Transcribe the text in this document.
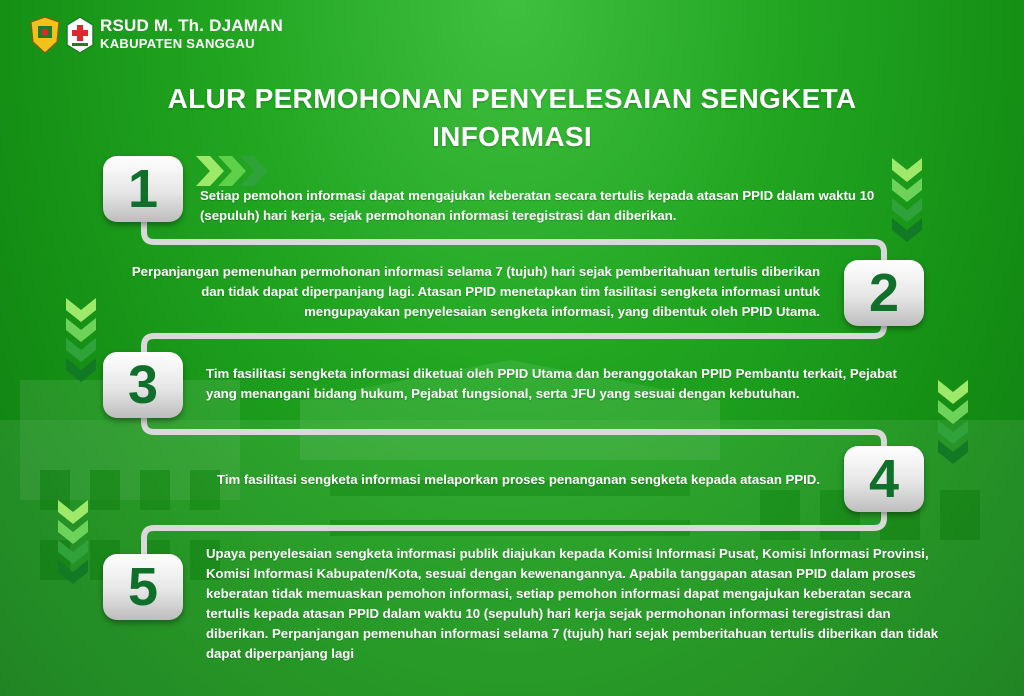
RSUD M. Th. DJAMAN
KABUPATEN SANGGAU
ALUR PERMOHONAN PENYELESAIAN SENGKETA
INFORMASI
1	Setiap pemohon informasi dapat mengajukan keberatan secara tertulis kepada atasan PPID dalam waktu 10 (sepuluh) hari kerja, sejak permohonan informasi teregistrasi dan diberikan.
2
Perpanjangan pemenuhan permohonan informasi selama 7 (tujuh) hari sejak pemberitahuan tertulis diberikan dan tidak dapat diperpanjang lagi. Atasan PPID menetapkan tim fasilitasi sengketa informasi untuk mengupayakan penyelesaian sengketa informasi, yang dibentuk oleh PPID Utama.
3	Tim fasilitasi sengketa informasi diketuai oleh PPID Utama dan beranggotakan PPID Pembantu terkait, Pejabat yang menangani bidang hukum, Pejabat fungsional, serta JFU yang sesuai dengan kebutuhan.
4
Tim fasilitasi sengketa informasi melaporkan proses penanganan sengketa kepada atasan PPID.
5
Upaya penyelesaian sengketa informasi publik diajukan kepada Komisi Informasi Pusat, Komisi Informasi Provinsi, Komisi Informasi Kabupaten/Kota, sesuai dengan kewenangannya. Apabila tanggapan atasan PPID dalam proses keberatan tidak memuaskan pemohon informasi, setiap pemohon informasi dapat mengajukan keberatan secara tertulis kepada atasan PPID dalam waktu 10 (sepuluh) hari kerja sejak permohonan informasi teregistrasi dan diberikan. Perpanjangan pemenuhan informasi selama 7 (tujuh) hari sejak pemberitahuan tertulis diberikan dan tidak dapat diperpanjang lagi
